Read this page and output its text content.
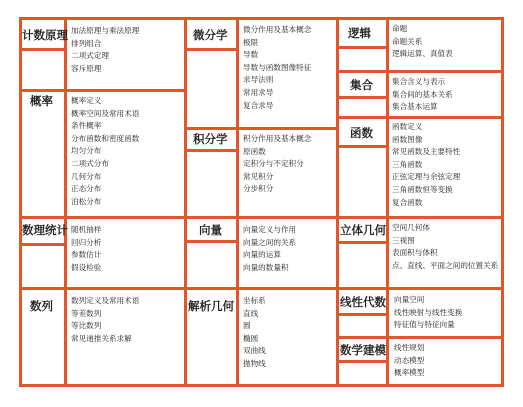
计数原理 加法原理与乘法原理
排列组合
二项式定理
容斥原理
概率 概率定义
概率空间及常用术语
条件概率
分布函数和密度函数
均匀分布
二项式分布
几何分布
正态分布
泊松分布
数理统计 随机抽样
回归分析
参数估计
假设检验
数列 数列定义及常用术语
等差数列
等比数列
常见递推关系求解
微分学 微分作用及基本概念
极限
导数
导数与函数图像特征
求导法则
常用求导
复合求导
积分学 积分作用及基本概念
原函数
定积分与不定积分
常见积分
分步积分
向量	向量定义与作用
向量之间的关系
向量的运算
向量的数量积
解析几何 坐标系
直线
圆
椭圆
双曲线
抛物线
逻辑	命题
命题关系
逻辑运算、真值表
集合	集合含义与表示
集合间的基本关系
集合基本运算
函数	函数定义
函数图像
常见函数及主要特性
三角函数
正弦定理与余弦定理
三角函数恒等变换
复合函数
立体几何 空间几何体
三视图
表面积与体积
点、直线、平面之间的位置关系
线性代数 向量空间
线性映射与线性变换
特征值与特征向量
数学建模 线性规划
动态模型
概率模型
